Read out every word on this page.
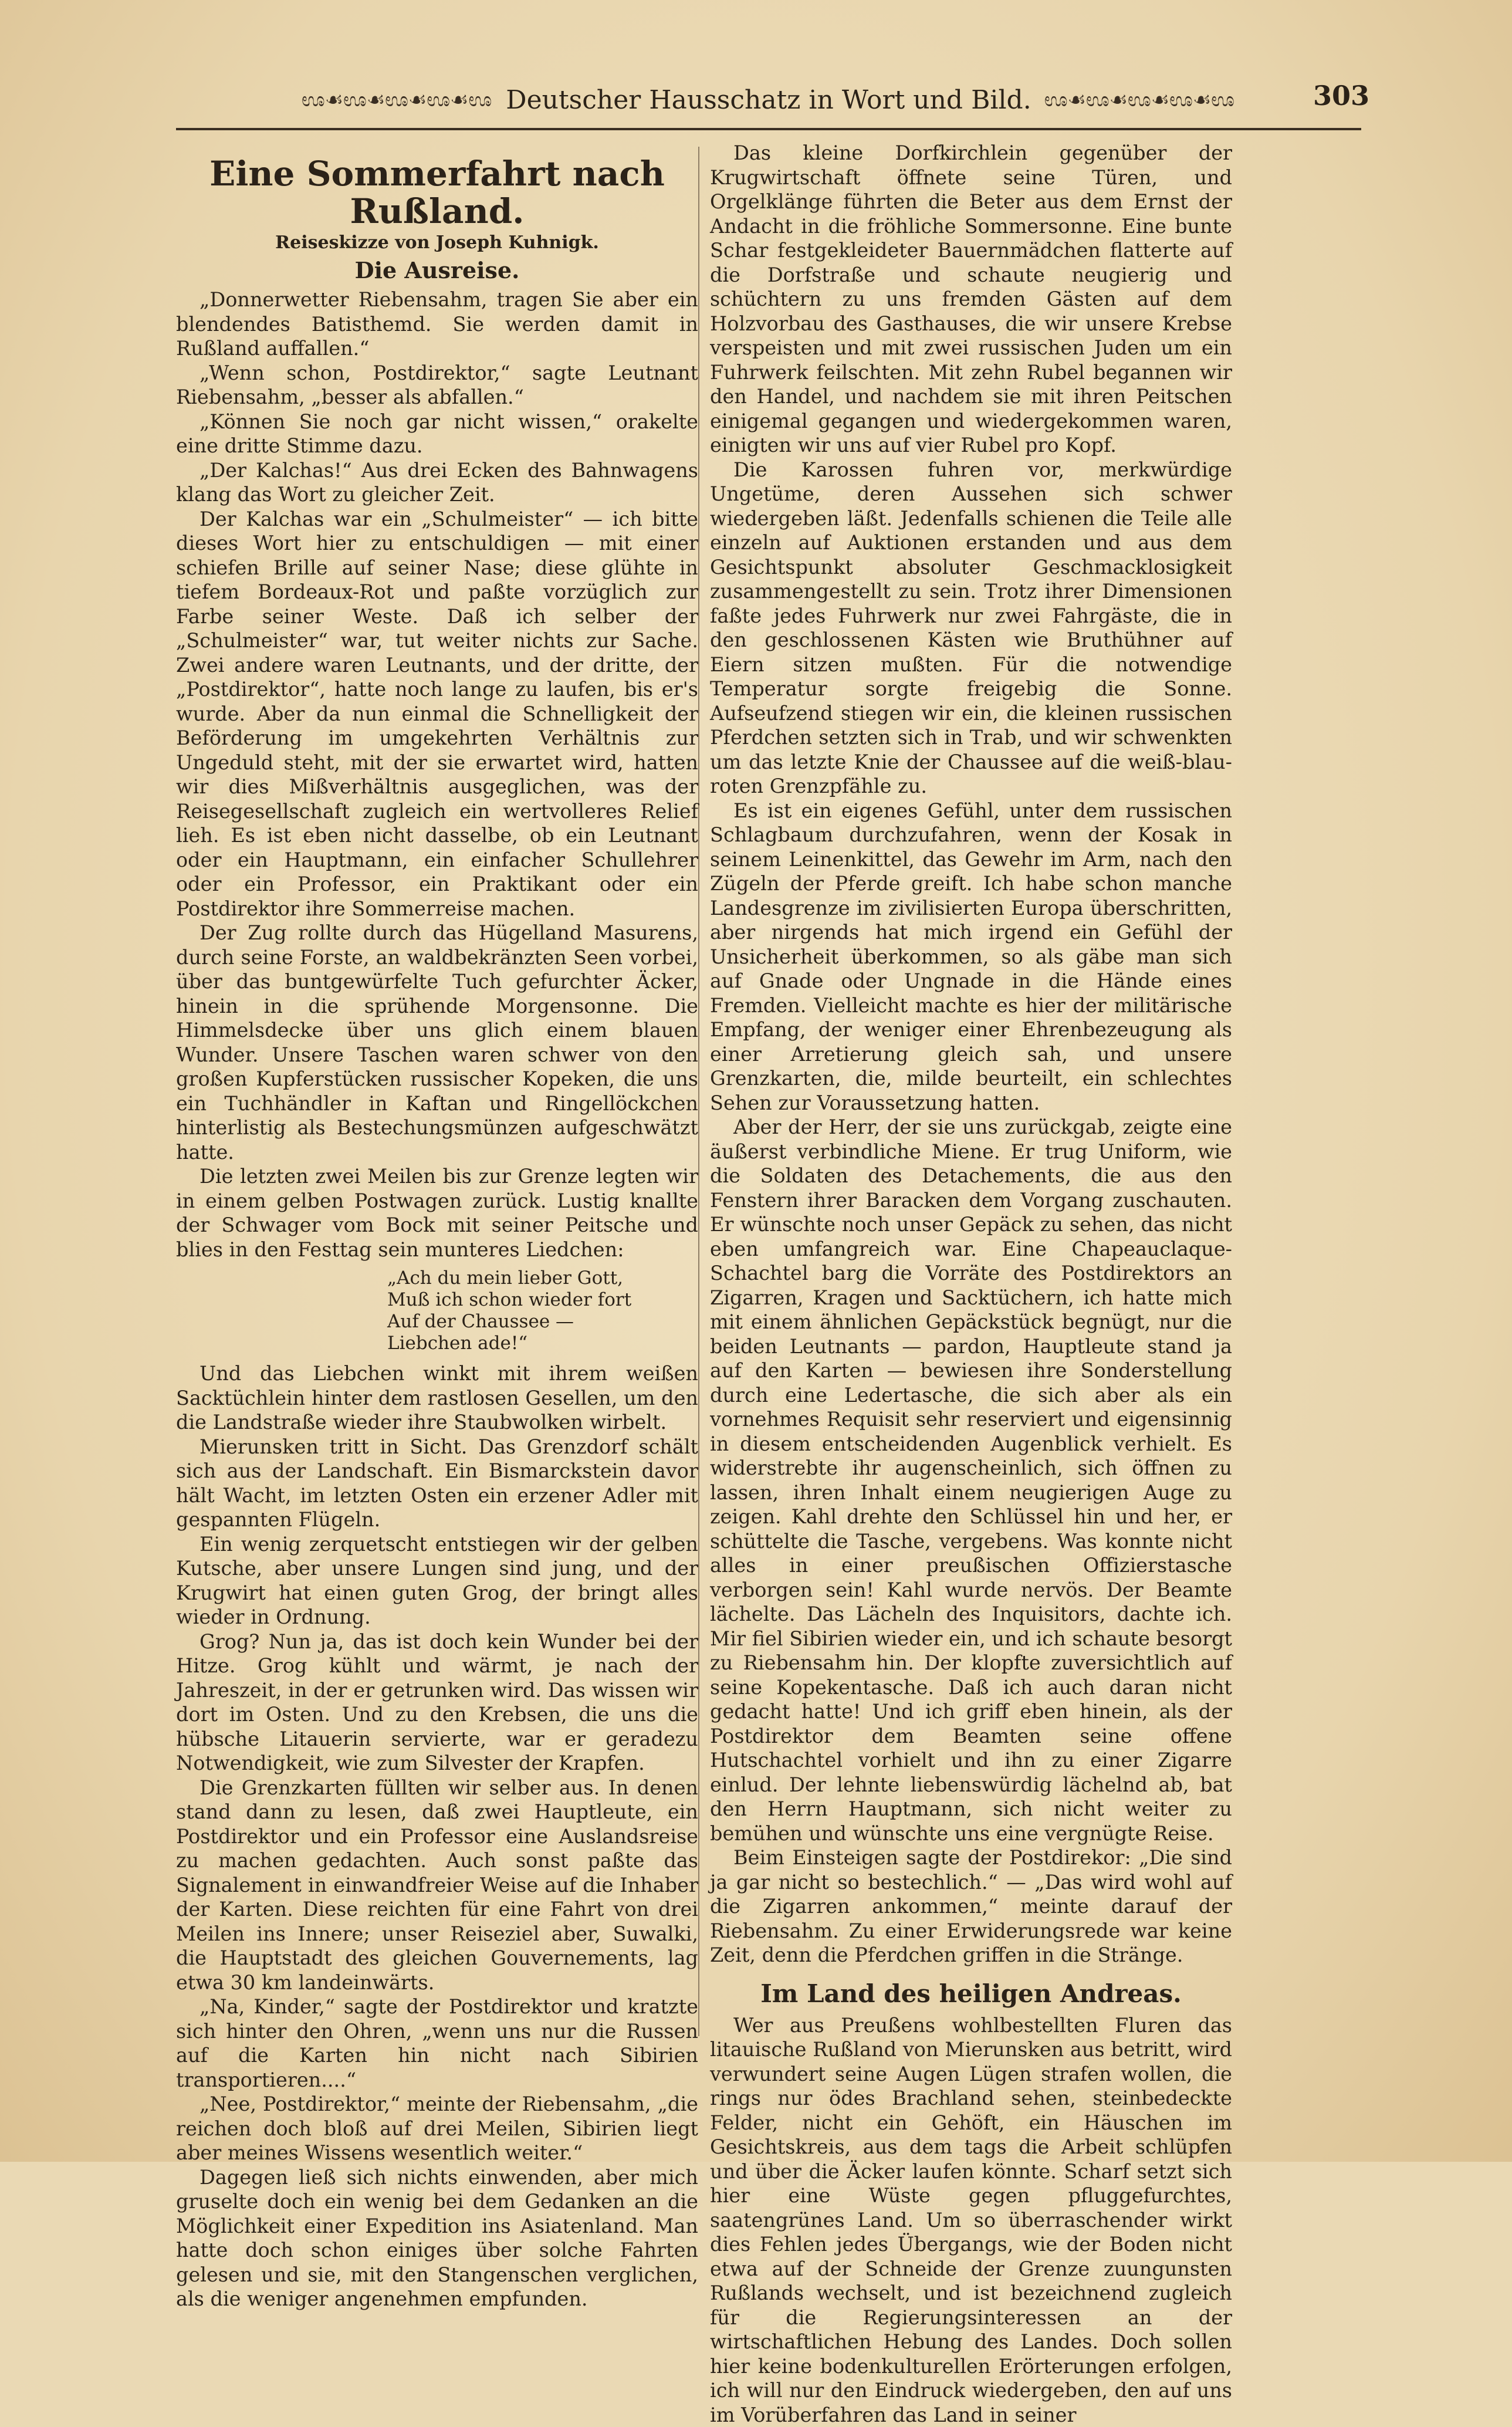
ಊ☙ಊ☙ಊ☙ಊ☙ಊ Deutscher Hausschatz in Wort und Bild. ಊ☙ಊ☙ಊ☙ಊ☙ಊ	303
Eine Sommerfahrt nach Rußland.
Reiseskizze von Joseph Kuhnigk.
Die Ausreise.

„Donnerwetter Riebensahm, tragen Sie aber ein blendendes Batisthemd. Sie werden damit in Rußland auffallen.“

„Wenn schon, Postdirektor,“ sagte Leutnant Riebensahm, „besser als abfallen.“

„Können Sie noch gar nicht wissen,“ orakelte eine dritte Stimme dazu.

„Der Kalchas!“ Aus drei Ecken des Bahnwagens klang das Wort zu gleicher Zeit.

Der Kalchas war ein „Schulmeister“ — ich bitte dieses Wort hier zu entschuldigen — mit einer schiefen Brille auf seiner Nase; diese glühte in tiefem Bordeaux-Rot und paßte vorzüglich zur Farbe seiner Weste. Daß ich selber der „Schulmeister“ war, tut weiter nichts zur Sache. Zwei andere waren Leutnants, und der dritte, der „Postdirektor“, hatte noch lange zu laufen, bis er's wurde. Aber da nun einmal die Schnelligkeit der Beförderung im umgekehrten Verhältnis zur Ungeduld steht, mit der sie erwartet wird, hatten wir dies Mißverhältnis ausgeglichen, was der Reisegesellschaft zugleich ein wertvolleres Relief lieh. Es ist eben nicht dasselbe, ob ein Leutnant oder ein Hauptmann, ein einfacher Schullehrer oder ein Professor, ein Praktikant oder ein Postdirektor ihre Sommerreise machen.

Der Zug rollte durch das Hügelland Masurens, durch seine Forste, an waldbekränzten Seen vorbei, über das buntgewürfelte Tuch gefurchter Äcker, hinein in die sprühende Morgensonne. Die Himmelsdecke über uns glich einem blauen Wunder. Unsere Taschen waren schwer von den großen Kupferstücken russischer Kopeken, die uns ein Tuchhändler in Kaftan und Ringellöckchen hinterlistig als Bestechungsmünzen aufgeschwätzt hatte.

Die letzten zwei Meilen bis zur Grenze legten wir in einem gelben Postwagen zurück. Lustig knallte der Schwager vom Bock mit seiner Peitsche und blies in den Festtag sein munteres Liedchen:

„Ach du mein lieber Gott,
Muß ich schon wieder fort
Auf der Chaussee —
Liebchen ade!“

Und das Liebchen winkt mit ihrem weißen Sacktüchlein hinter dem rastlosen Gesellen, um den die Landstraße wieder ihre Staubwolken wirbelt.

Mierunsken tritt in Sicht. Das Grenzdorf schält sich aus der Landschaft. Ein Bismarckstein davor hält Wacht, im letzten Osten ein erzener Adler mit gespannten Flügeln.

Ein wenig zerquetscht entstiegen wir der gelben Kutsche, aber unsere Lungen sind jung, und der Krugwirt hat einen guten Grog, der bringt alles wieder in Ordnung.

Grog? Nun ja, das ist doch kein Wunder bei der Hitze. Grog kühlt und wärmt, je nach der Jahreszeit, in der er getrunken wird. Das wissen wir dort im Osten. Und zu den Krebsen, die uns die hübsche Litauerin servierte, war er geradezu Notwendigkeit, wie zum Silvester der Krapfen.

Die Grenzkarten füllten wir selber aus. In denen stand dann zu lesen, daß zwei Hauptleute, ein Postdirektor und ein Professor eine Auslandsreise zu machen gedachten. Auch sonst paßte das Signalement in einwandfreier Weise auf die Inhaber der Karten. Diese reichten für eine Fahrt von drei Meilen ins Innere; unser Reiseziel aber, Suwalki, die Hauptstadt des gleichen Gouvernements, lag etwa 30 km landeinwärts.

„Na, Kinder,“ sagte der Postdirektor und kratzte sich hinter den Ohren, „wenn uns nur die Russen auf die Karten hin nicht nach Sibirien transportieren....“

„Nee, Postdirektor,“ meinte der Riebensahm, „die reichen doch bloß auf drei Meilen, Sibirien liegt aber meines Wissens wesentlich weiter.“

Dagegen ließ sich nichts einwenden, aber mich gruselte doch ein wenig bei dem Gedanken an die Möglichkeit einer Expedition ins Asiatenland. Man hatte doch schon einiges über solche Fahrten gelesen und sie, mit den Stangenschen verglichen, als die weniger angenehmen empfunden.

Das kleine Dorfkirchlein gegenüber der Krugwirtschaft öffnete seine Türen, und Orgelklänge führten die Beter aus dem Ernst der Andacht in die fröhliche Sommersonne. Eine bunte Schar festgekleideter Bauernmädchen flatterte auf die Dorfstraße und schaute neugierig und schüchtern zu uns fremden Gästen auf dem Holzvorbau des Gasthauses, die wir unsere Krebse verspeisten und mit zwei russischen Juden um ein Fuhrwerk feilschten. Mit zehn Rubel begannen wir den Handel, und nachdem sie mit ihren Peitschen einigemal gegangen und wiedergekommen waren, einigten wir uns auf vier Rubel pro Kopf.

Die Karossen fuhren vor, merkwürdige Ungetüme, deren Aussehen sich schwer wiedergeben läßt. Jedenfalls schienen die Teile alle einzeln auf Auktionen erstanden und aus dem Gesichtspunkt absoluter Geschmacklosigkeit zusammengestellt zu sein. Trotz ihrer Dimensionen faßte jedes Fuhrwerk nur zwei Fahrgäste, die in den geschlossenen Kästen wie Bruthühner auf Eiern sitzen mußten. Für die notwendige Temperatur sorgte freigebig die Sonne. Aufseufzend stiegen wir ein, die kleinen russischen Pferdchen setzten sich in Trab, und wir schwenkten um das letzte Knie der Chaussee auf die weiß-blau-roten Grenzpfähle zu.

Es ist ein eigenes Gefühl, unter dem russischen Schlagbaum durchzufahren, wenn der Kosak in seinem Leinenkittel, das Gewehr im Arm, nach den Zügeln der Pferde greift. Ich habe schon manche Landesgrenze im zivilisierten Europa überschritten, aber nirgends hat mich irgend ein Gefühl der Unsicherheit überkommen, so als gäbe man sich auf Gnade oder Ungnade in die Hände eines Fremden. Vielleicht machte es hier der militärische Empfang, der weniger einer Ehrenbezeugung als einer Arretierung gleich sah, und unsere Grenzkarten, die, milde beurteilt, ein schlechtes Sehen zur Voraussetzung hatten.

Aber der Herr, der sie uns zurückgab, zeigte eine äußerst verbindliche Miene. Er trug Uniform, wie die Soldaten des Detachements, die aus den Fenstern ihrer Baracken dem Vorgang zuschauten. Er wünschte noch unser Gepäck zu sehen, das nicht eben umfangreich war. Eine Chapeauclaque-Schachtel barg die Vorräte des Postdirektors an Zigarren, Kragen und Sacktüchern, ich hatte mich mit einem ähnlichen Gepäckstück begnügt, nur die beiden Leutnants — pardon, Hauptleute stand ja auf den Karten — bewiesen ihre Sonderstellung durch eine Ledertasche, die sich aber als ein vornehmes Requisit sehr reserviert und eigensinnig in diesem entscheidenden Augenblick verhielt. Es widerstrebte ihr augenscheinlich, sich öffnen zu lassen, ihren Inhalt einem neugierigen Auge zu zeigen. Kahl drehte den Schlüssel hin und her, er schüttelte die Tasche, vergebens. Was konnte nicht alles in einer preußischen Offizierstasche verborgen sein! Kahl wurde nervös. Der Beamte lächelte. Das Lächeln des Inquisitors, dachte ich. Mir fiel Sibirien wieder ein, und ich schaute besorgt zu Riebensahm hin. Der klopfte zuversichtlich auf seine Kopekentasche. Daß ich auch daran nicht gedacht hatte! Und ich griff eben hinein, als der Postdirektor dem Beamten seine offene Hutschachtel vorhielt und ihn zu einer Zigarre einlud. Der lehnte liebenswürdig lächelnd ab, bat den Herrn Hauptmann, sich nicht weiter zu bemühen und wünschte uns eine vergnügte Reise.

Beim Einsteigen sagte der Postdirekor: „Die sind ja gar nicht so bestechlich.“ — „Das wird wohl auf die Zigarren ankommen,“ meinte darauf der Riebensahm. Zu einer Erwiderungsrede war keine Zeit, denn die Pferdchen griffen in die Stränge.

Im Land des heiligen Andreas.

Wer aus Preußens wohlbestellten Fluren das litauische Rußland von Mierunsken aus betritt, wird verwundert seine Augen Lügen strafen wollen, die rings nur ödes Brachland sehen, steinbedeckte Felder, nicht ein Gehöft, ein Häuschen im Gesichtskreis, aus dem tags die Arbeit schlüpfen und über die Äcker laufen könnte. Scharf setzt sich hier eine Wüste gegen pfluggefurchtes, saatengrünes Land. Um so überraschender wirkt dies Fehlen jedes Übergangs, wie der Boden nicht etwa auf der Schneide der Grenze zuungunsten Rußlands wechselt, und ist bezeichnend zugleich für die Regierungsinteressen an der wirtschaftlichen Hebung des Landes. Doch sollen hier keine bodenkulturellen Erörterungen erfolgen, ich will nur den Eindruck wiedergeben, den auf uns im Vorüberfahren das Land in seiner
